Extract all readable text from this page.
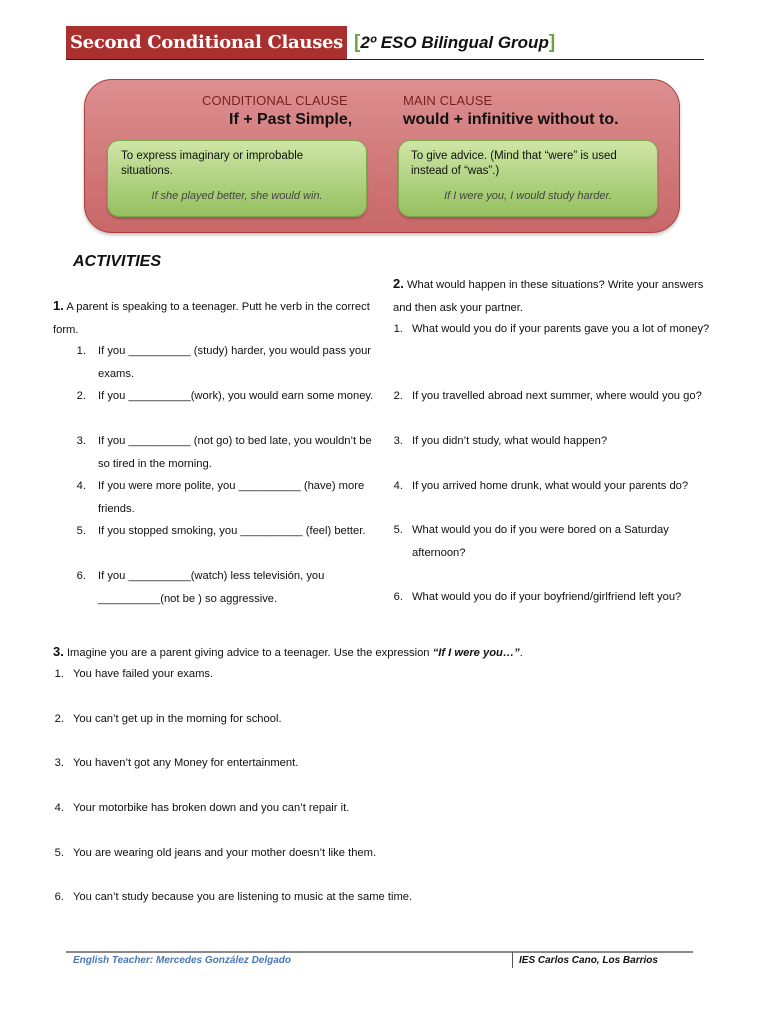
Second Conditional Clauses [2º ESO Bilingual Group]
CONDITIONAL CLAUSE
If + Past Simple,
MAIN CLAUSE
would + infinitive without to.
To express imaginary or improbable situations.
If she played better, she would win.
To give advice. (Mind that “were” is used instead of “was”.)
If I were you, I would study harder.
ACTIVITIES
1. A parent is speaking to a teenager. Putt he verb in the correct form.
1. If you __________ (study) harder, you would pass your exams.
2. If you __________(work), you would earn some money.
3. If you __________ (not go) to bed late, you wouldn’t be so tired in the morning.
4. If you were more polite, you __________ (have) more friends.
5. If you stopped smoking, you __________ (feel) better.
6. If you __________(watch) less televisión, you __________(not be ) so aggressive.
2. What would happen in these situations? Write your answers and then ask your partner.
1. What would you do if your parents gave you a lot of money?
2. If you travelled abroad next summer, where would you go?
3. If you didn’t study, what would happen?
4. If you arrived home drunk, what would your parents do?
5. What would you do if you were bored on a Saturday afternoon?
6. What would you do if your boyfriend/girlfriend left you?
3. Imagine you are a parent giving advice to a teenager. Use the expression “If I were you…”.
1. You have failed your exams.
2. You can’t get up in the morning for school.
3. You haven’t got any Money for entertainment.
4. Your motorbike has broken down and you can’t repair it.
5. You are wearing old jeans and your mother doesn’t like them.
6. You can’t study because you are listening to music at the same time.
English Teacher: Mercedes González Delgado	IES Carlos Cano, Los Barrios
